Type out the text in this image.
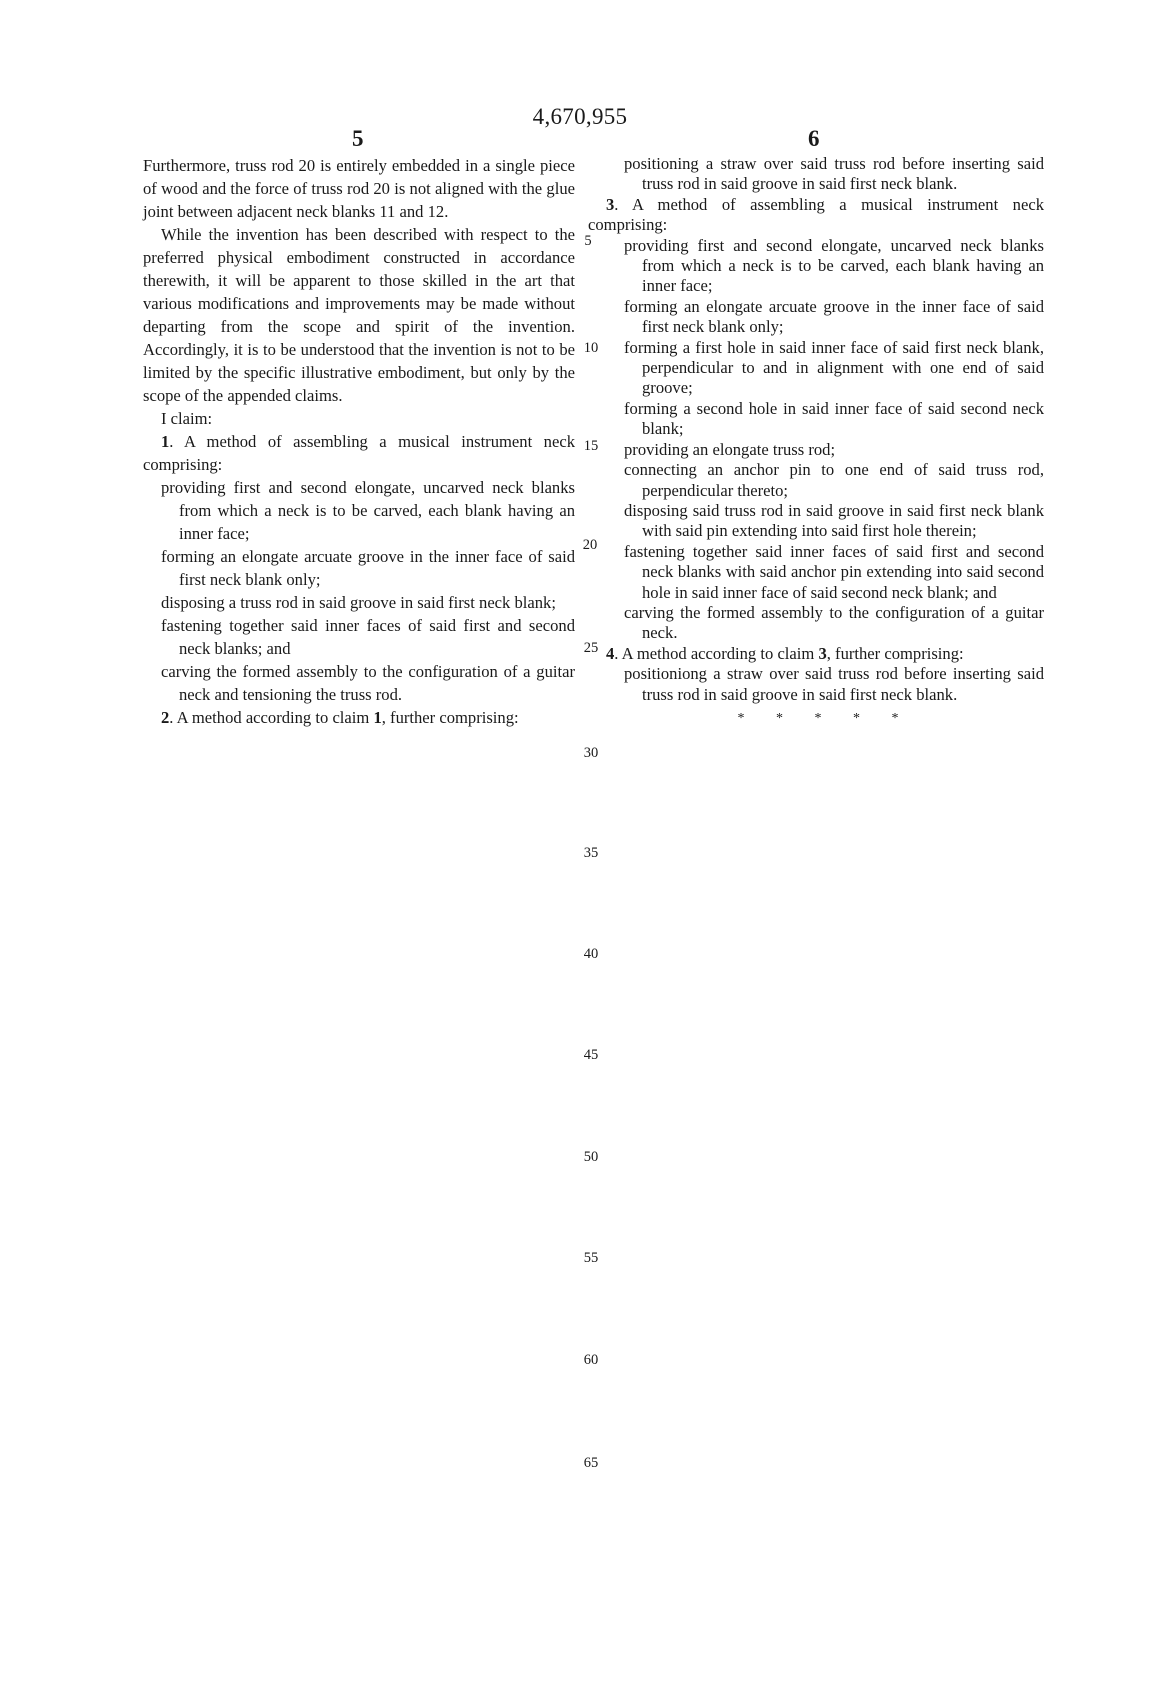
4,670,955
5	6

Furthermore, truss rod 20 is entirely embedded in a single piece of wood and the force of truss rod 20 is not aligned with the glue joint between adjacent neck blanks 11 and 12.

While the invention has been described with respect to the preferred physical embodiment constructed in accordance therewith, it will be apparent to those skilled in the art that various modifications and improvements may be made without departing from the scope and spirit of the invention. Accordingly, it is to be understood that the invention is not to be limited by the specific illustrative embodiment, but only by the scope of the appended claims.

I claim:

1. A method of assembling a musical instrument neck comprising:

providing first and second elongate, uncarved neck blanks from which a neck is to be carved, each blank having an inner face;

forming an elongate arcuate groove in the inner face of said first neck blank only;

disposing a truss rod in said groove in said first neck blank;

fastening together said inner faces of said first and second neck blanks; and

carving the formed assembly to the configuration of a guitar neck and tensioning the truss rod.

2. A method according to claim 1, further comprising:

positioning a straw over said truss rod before inserting said truss rod in said groove in said first neck blank.

3. A method of assembling a musical instrument neck comprising:

providing first and second elongate, uncarved neck blanks from which a neck is to be carved, each blank having an inner face;

forming an elongate arcuate groove in the inner face of said first neck blank only;

forming a first hole in said inner face of said first neck blank, perpendicular to and in alignment with one end of said groove;

forming a second hole in said inner face of said second neck blank;

providing an elongate truss rod;

connecting an anchor pin to one end of said truss rod, perpendicular thereto;

disposing said truss rod in said groove in said first neck blank with said pin extending into said first hole therein;

fastening together said inner faces of said first and second neck blanks with said anchor pin extending into said second hole in said inner face of said second neck blank; and

carving the formed assembly to the configuration of a guitar neck.

4. A method according to claim 3, further comprising:

positioniong a straw over said truss rod before inserting said truss rod in said groove in said first neck blank.

* * * * *
5
10
15
20
25
30
35
40
45
50
55
60
65
